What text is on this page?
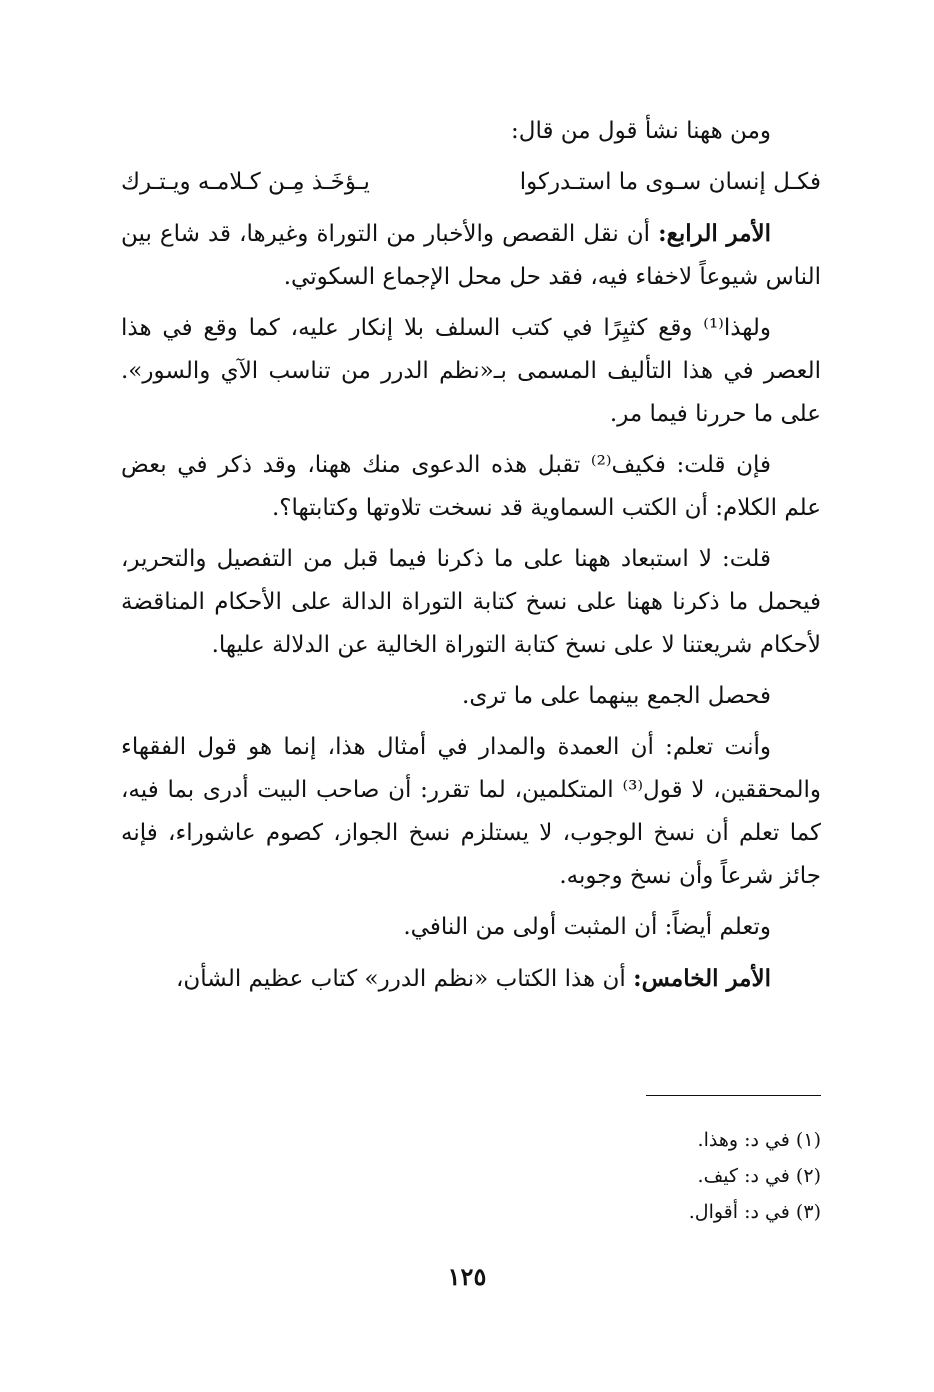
ومن ههنا نشأ قول من قال:

فكـل إنسان سـوى ما استـدركوا
يـؤخَـذ مِـن كـلامـه ويـتـرك

الأمر الرابع: أن نقل القصص والأخبار من التوراة وغيرها، قد شاع بين الناس شيوعاً لاخفاء فيه، فقد حل محل الإجماع السكوتي.

ولهذا⁽¹⁾ وقع كثيِرًا في كتب السلف بلا إنكار عليه، كما وقع في هذا العصر في هذا التأليف المسمى بـ«نظم الدرر من تناسب الآي والسور». على ما حررنا فيما مر.

فإن قلت: فكيف⁽²⁾ تقبل هذه الدعوى منك ههنا، وقد ذكر في بعض علم الكلام: أن الكتب السماوية قد نسخت تلاوتها وكتابتها؟.

قلت: لا استبعاد ههنا على ما ذكرنا فيما قبل من التفصيل والتحرير، فيحمل ما ذكرنا ههنا على نسخ كتابة التوراة الدالة على الأحكام المناقضة لأحكام شريعتنا لا على نسخ كتابة التوراة الخالية عن الدلالة عليها.

فحصل الجمع بينهما على ما ترى.

وأنت تعلم: أن العمدة والمدار في أمثال هذا، إنما هو قول الفقهاء والمحققين، لا قول⁽³⁾ المتكلمين، لما تقرر: أن صاحب البيت أدرى بما فيه، كما تعلم أن نسخ الوجوب، لا يستلزم نسخ الجواز، كصوم عاشوراء، فإنه جائز شرعاً وأن نسخ وجوبه.

وتعلم أيضاً: أن المثبت أولى من النافي.

الأمر الخامس: أن هذا الكتاب «نظم الدرر» كتاب عظيم الشأن،

(١) في د: وهذا.

(٢) في د: كيف.

(٣) في د: أقوال.

١٢٥
